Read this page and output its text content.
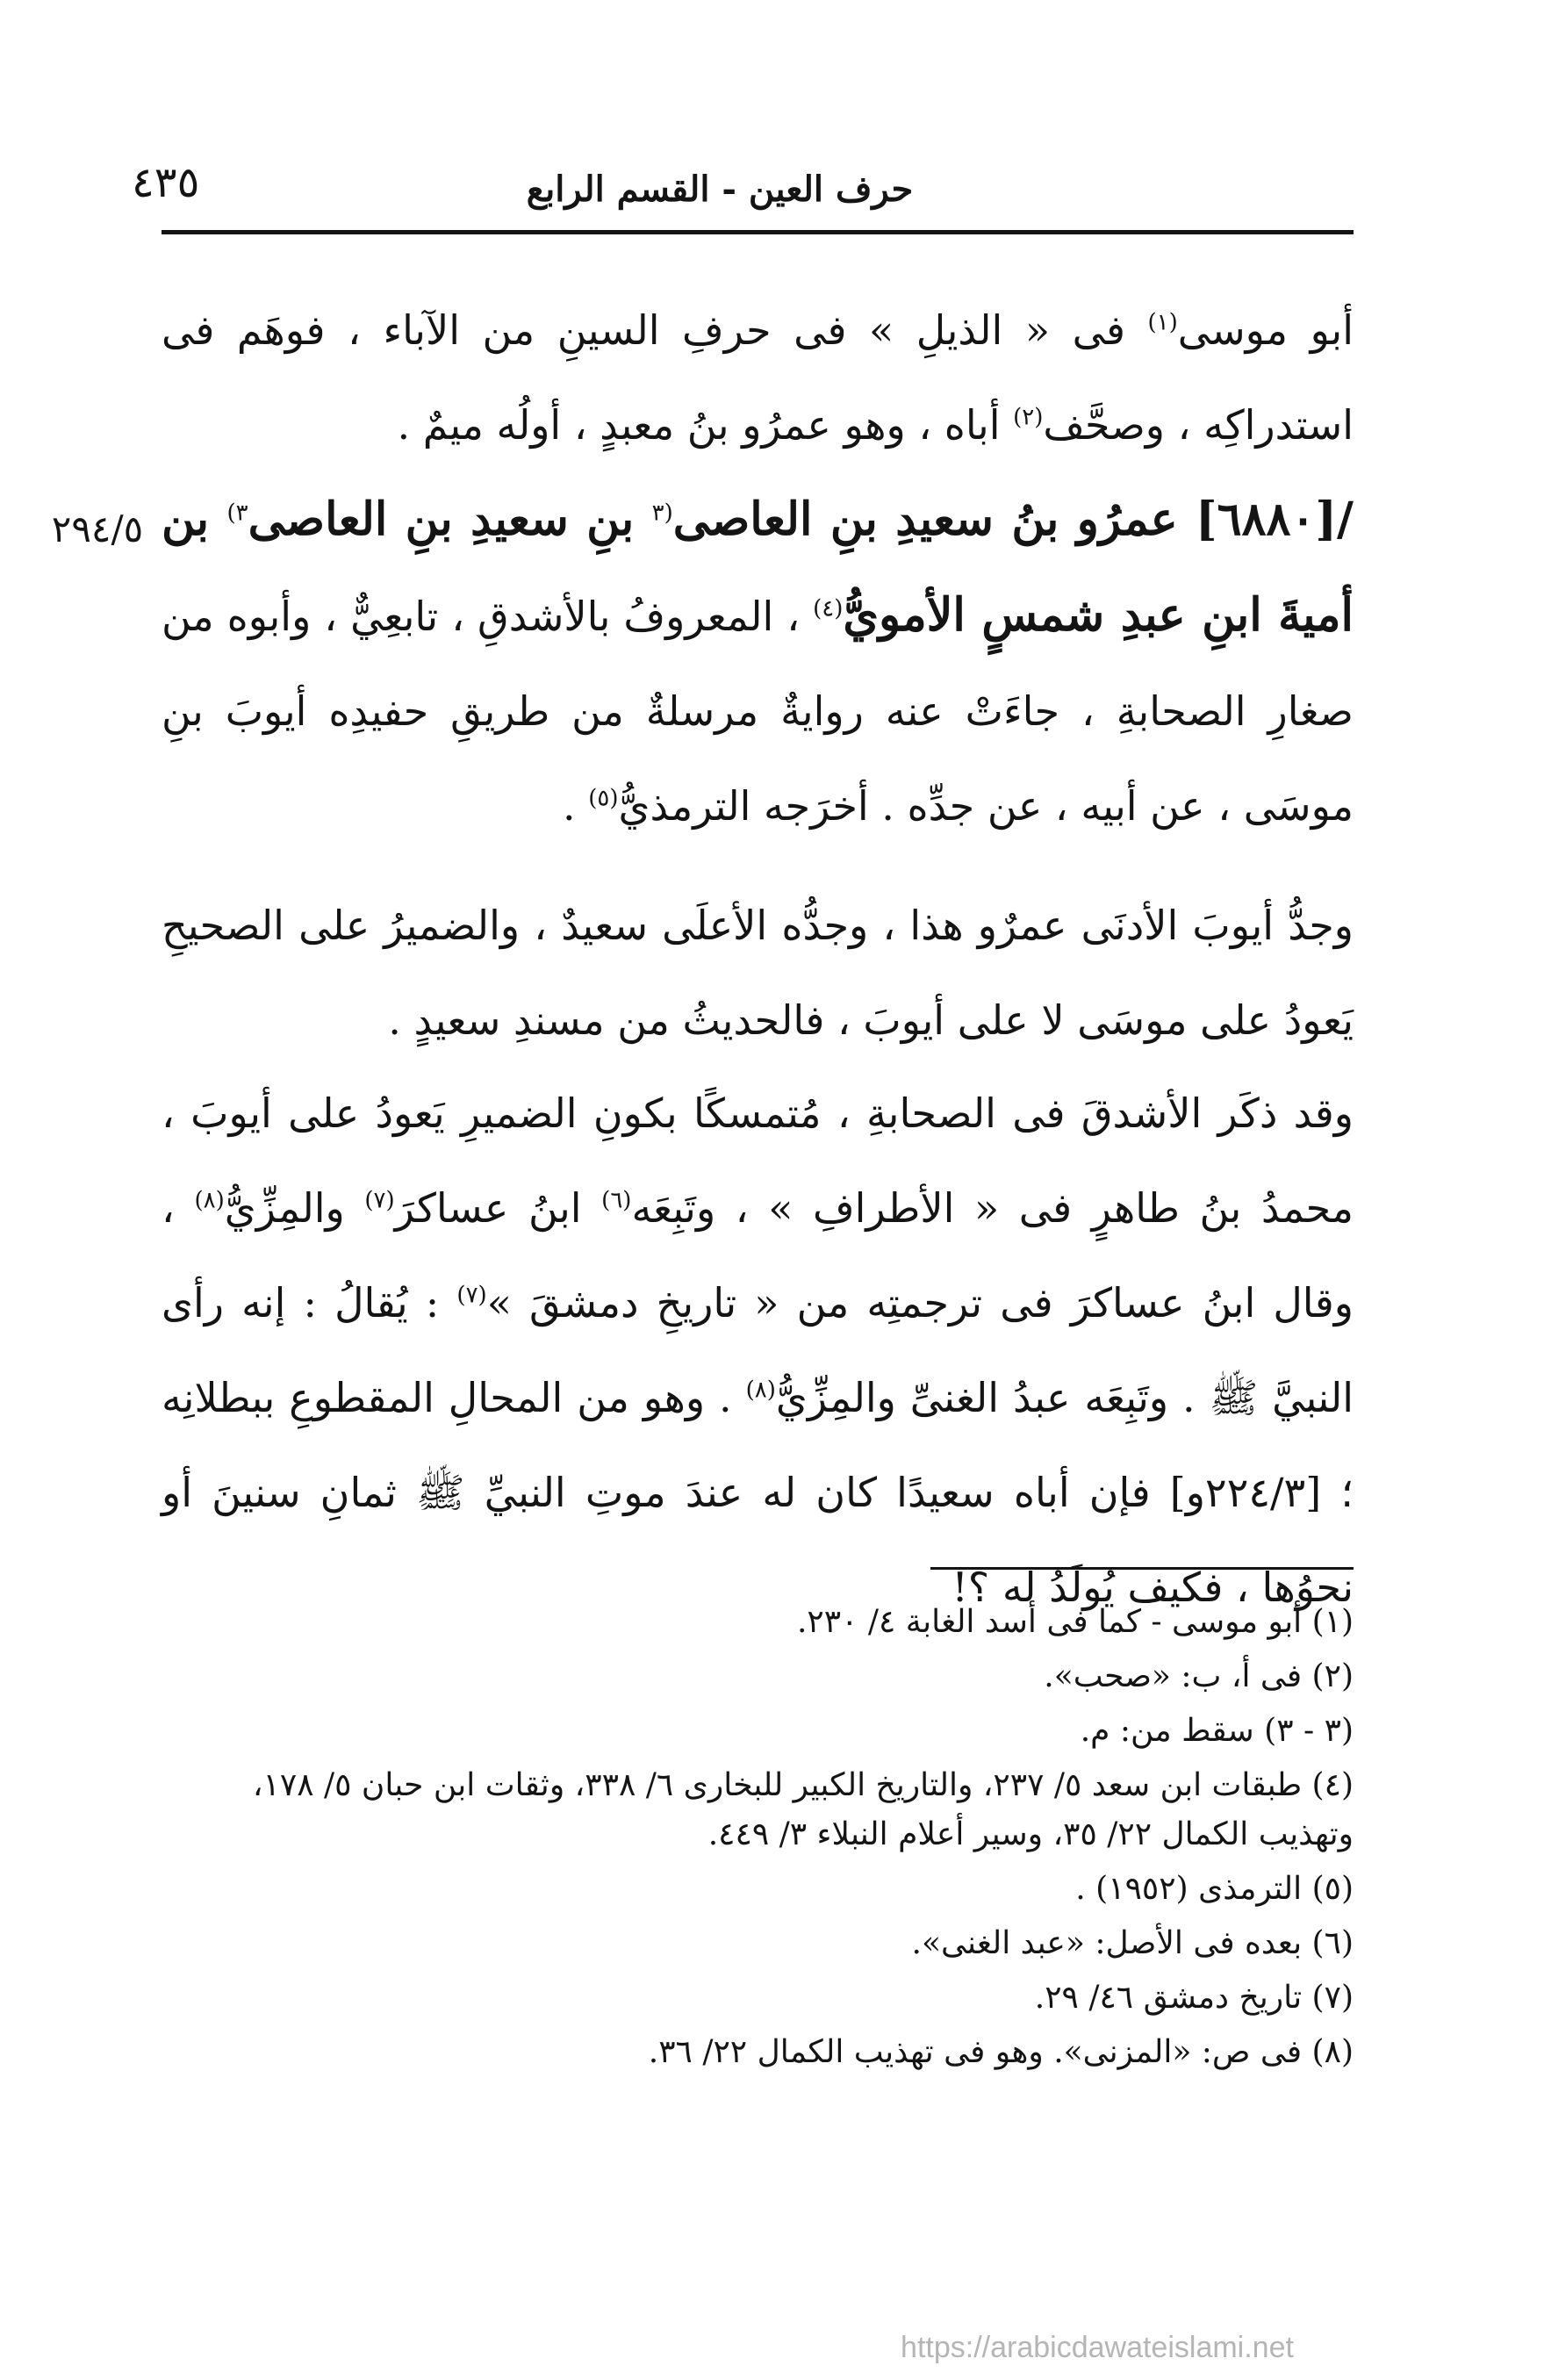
حرف العين - القسم الرابع
٤٣٥

أبو موسى$^{(١)}$ فى « الذيلِ » فى حرفِ السينِ من الآباء ، فوهَم فى استدراكِه ، وصحَّف$^{(٢)}$ أباه ، وهو عمرُو بنُ معبدٍ ، أولُه ميمٌ .

/[٦٨٨٠] عمرُو بنُ سعيدِ بنِ العاصى$^{(٣}$ بنِ سعيدِ بنِ العاصى$^{٣)}$ بن أميةَ ابنِ عبدِ شمسٍ الأمويُّ$^{(٤)}$ ، المعروفُ بالأشدقِ ، تابعِيٌّ ، وأبوه من صغارِ الصحابةِ ، جاءَتْ عنه روايةٌ مرسلةٌ من طريقِ حفيدِه أيوبَ بنِ موسَى ، عن أبيه ، عن جدِّه . أخرَجه الترمذيُّ$^{(٥)}$ .

٢٩٤/٥

وجدُّ أيوبَ الأدنَى عمرٌو هذا ، وجدُّه الأعلَى سعيدٌ ، والضميرُ على الصحيحِ يَعودُ على موسَى لا على أيوبَ ، فالحديثُ من مسندِ سعيدٍ .

وقد ذكَر الأشدقَ فى الصحابةِ ، مُتمسكًا بكونِ الضميرِ يَعودُ على أيوبَ ، محمدُ بنُ طاهرٍ فى « الأطرافِ » ، وتَبِعَه$^{(٦)}$ ابنُ عساكرَ$^{(٧)}$ والمِزِّيُّ$^{(٨)}$ ، وقال ابنُ عساكرَ فى ترجمتِه من « تاريخِ دمشقَ »$^{(٧)}$ : يُقالُ : إنه رأى النبيَّ ﷺ . وتَبِعَه عبدُ الغنىِّ والمِزِّيُّ$^{(٨)}$ . وهو من المحالِ المقطوعِ ببطلانِه ؛ [٢٢٤/٣و] فإن أباه سعيدًا كان له عندَ موتِ النبيِّ ﷺ ثمانِ سنينَ أو نحوُها ، فكيف يُولَدُ له ؟!

(١) أبو موسى - كما فى أسد الغابة ٤/ ٢٣٠.
(٢) فى أ، ب: «صحب».
(٣ - ٣) سقط من: م.
(٤) طبقات ابن سعد ٥/ ٢٣٧، والتاريخ الكبير للبخارى ٦/ ٣٣٨، وثقات ابن حبان ٥/ ١٧٨، وتهذيب الكمال ٢٢/ ٣٥، وسير أعلام النبلاء ٣/ ٤٤٩.
(٥) الترمذى (١٩٥٢) .
(٦) بعده فى الأصل: «عبد الغنى».
(٧) تاريخ دمشق ٤٦/ ٢٩.
(٨) فى ص: «المزنى». وهو فى تهذيب الكمال ٢٢/ ٣٦.
https://arabicdawateislami.net
